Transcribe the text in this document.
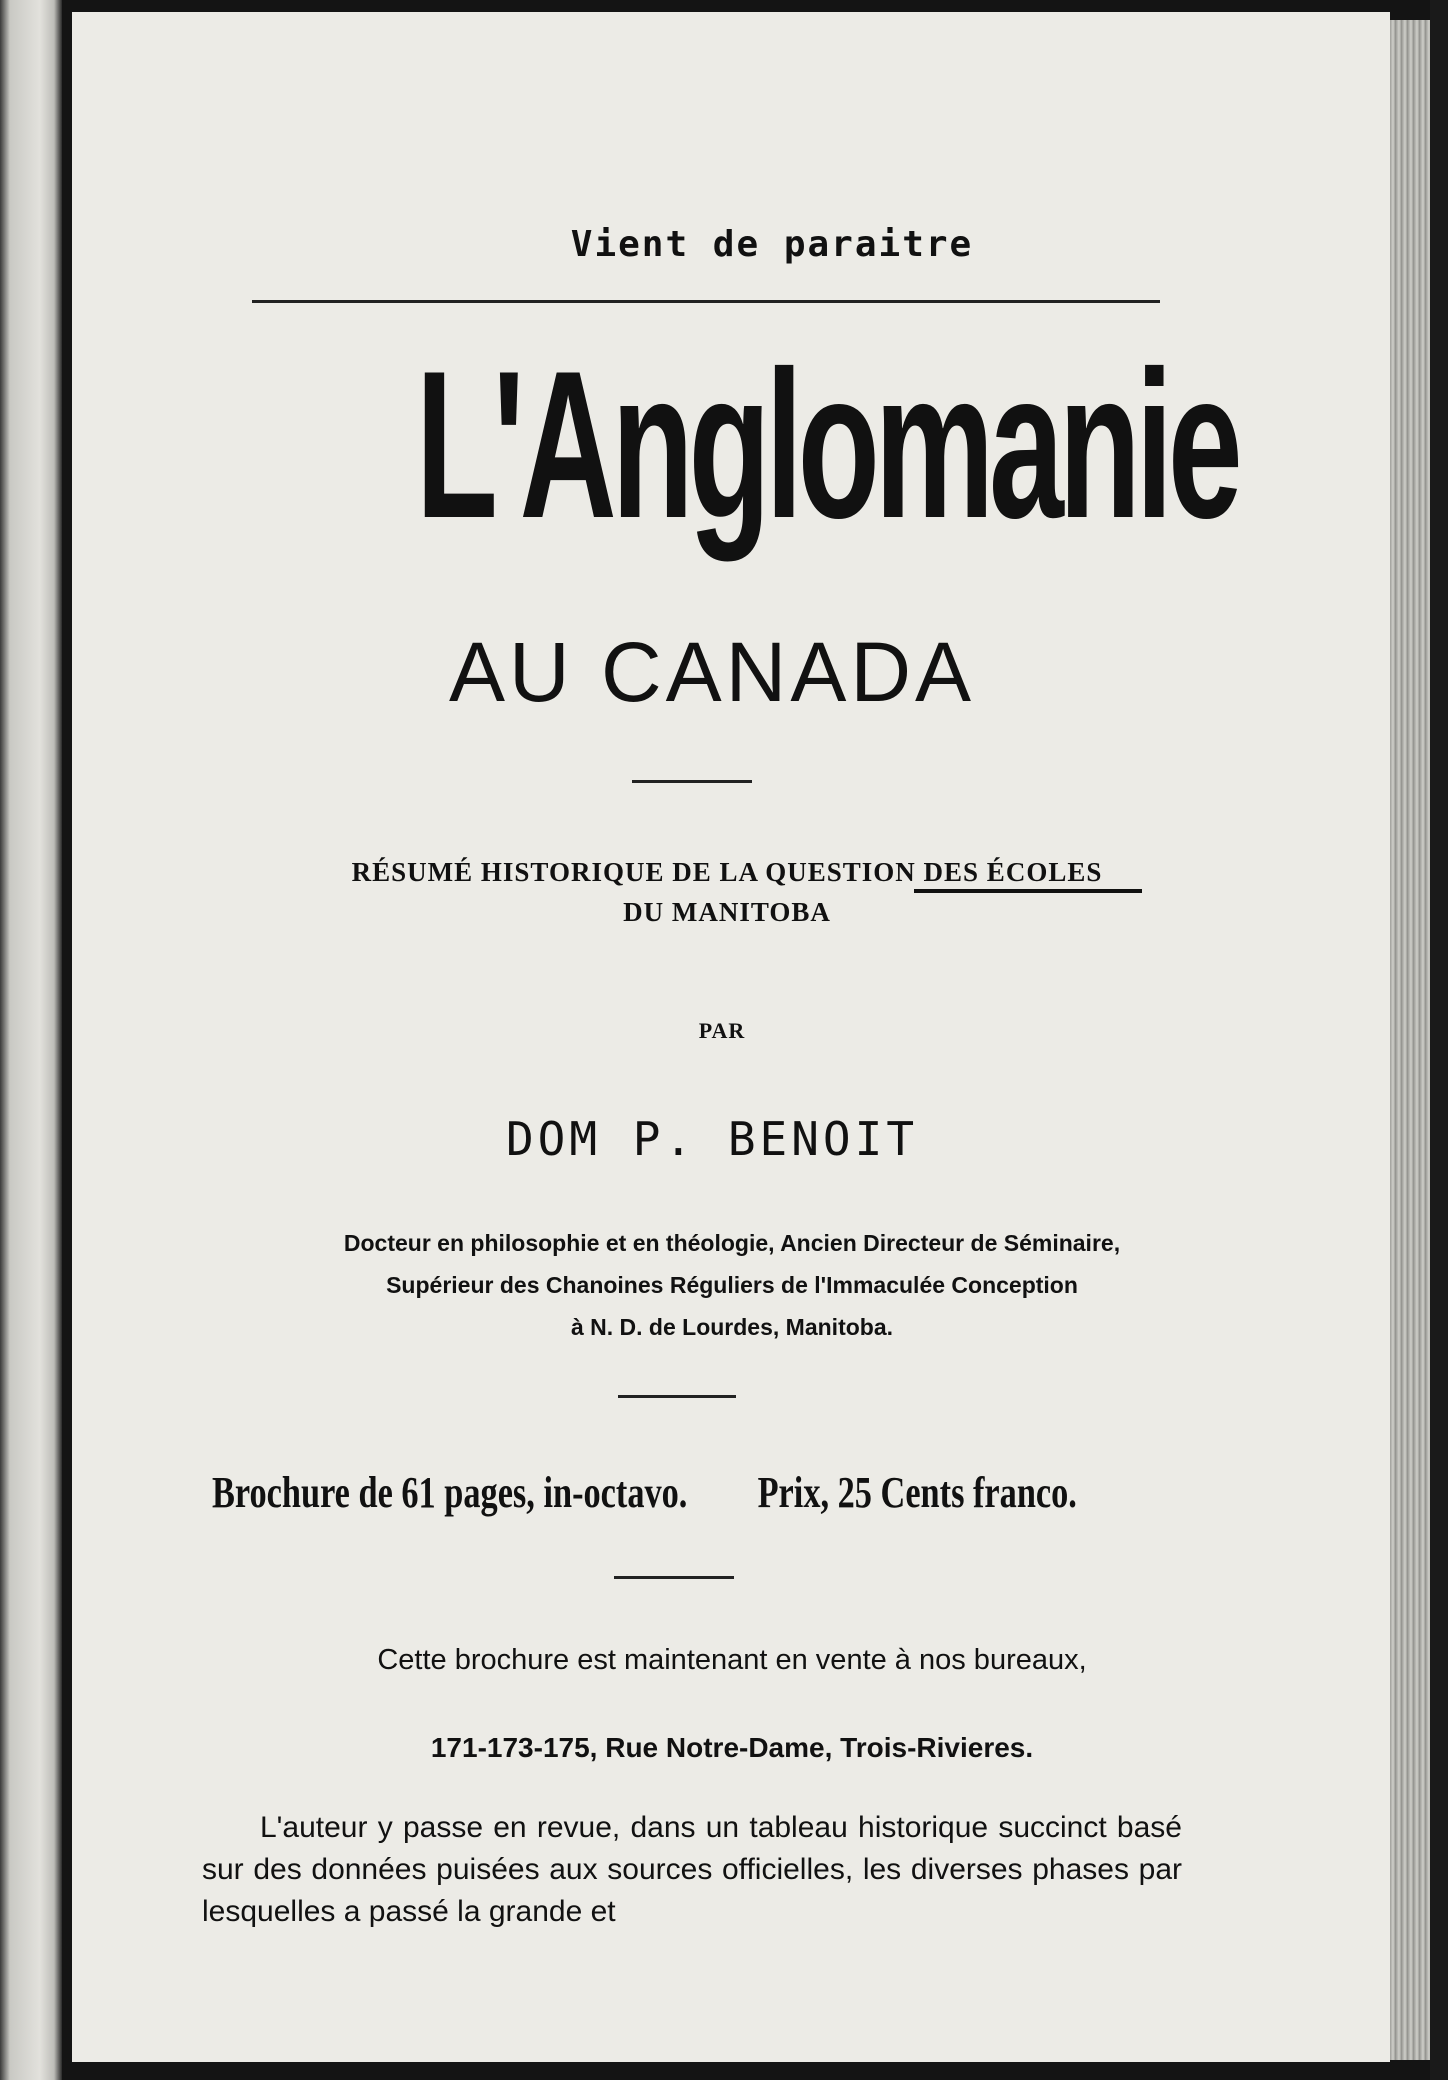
Vient de paraitre
L'Anglomanie
AU CANADA
RÉSUMÉ HISTORIQUE DE LA QUESTION DES ÉCOLES
DU MANITOBA
PAR
DOM P. BENOIT
Docteur en philosophie et en théologie, Ancien Directeur de Séminaire,
Supérieur des Chanoines Réguliers de l'Immaculée Conception
à N. D. de Lourdes, Manitoba.
Brochure de 61 pages, in-octavo. Prix, 25 Cents franco.
Cette brochure est maintenant en vente à nos bureaux,
171-173-175, Rue Notre-Dame, Trois-Rivieres.

L'auteur y passe en revue, dans un tableau historique succinct basé sur des données puisées aux sources officielles, les diverses phases par lesquelles a passé la grande et
